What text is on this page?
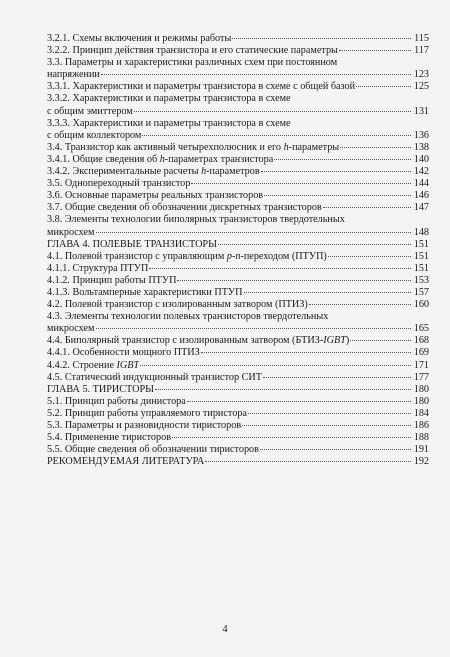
3.2.1. Схемы включения и режимы работы	115
3.2.2. Принцип действия транзистора и его статические параметры	117
3.3. Параметры и характеристики различных схем при постоянном
напряжении	123
3.3.1. Характеристики и параметры транзистора в схеме с общей базой	125
3.3.2. Характеристики и параметры транзистора в схеме
с общим эмиттером	131
3.3.3. Характеристики и параметры транзистора в схеме
с общим коллектором	136
3.4. Транзистор как активный четырехполюсник и его h-параметры	138
3.4.1. Общие сведения об h-параметрах транзистора	140
3.4.2. Экспериментальные расчеты h-параметров	142
3.5. Однопереходный транзистор	144
3.6. Основные параметры реальных транзисторов	146
3.7. Общие сведения об обозначении дискретных транзисторов	147
3.8. Элементы технологии биполярных транзисторов твердотельных
микросхем	148
ГЛАВА 4. ПОЛЕВЫЕ ТРАНЗИСТОРЫ	151
4.1. Полевой транзистор с управляющим p-n-переходом (ПТУП)	151
4.1.1. Структура ПТУП	151
4.1.2. Принцип работы ПТУП	153
4.1.3. Вольтамперные характеристики ПТУП	157
4.2. Полевой транзистор с изолированным затвором (ПТИЗ)	160
4.3. Элементы технологии полевых транзисторов твердотельных
микросхем	165
4.4. Биполярный транзистор с изолированным затвором (БТИЗ-IGBT)	168
4.4.1. Особенности мощного ПТИЗ	169
4.4.2. Строение IGBT	171
4.5. Статический индукционный транзистор СИТ	177
ГЛАВА 5. ТИРИСТОРЫ	180
5.1. Принцип работы динистора	180
5.2. Принцип работы управляемого тиристора	184
5.3. Параметры и разновидности тиристоров	186
5.4. Применение тиристоров	188
5.5. Общие сведения об обозначении тиристоров	191
РЕКОМЕНДУЕМАЯ ЛИТЕРАТУРА	192
4
